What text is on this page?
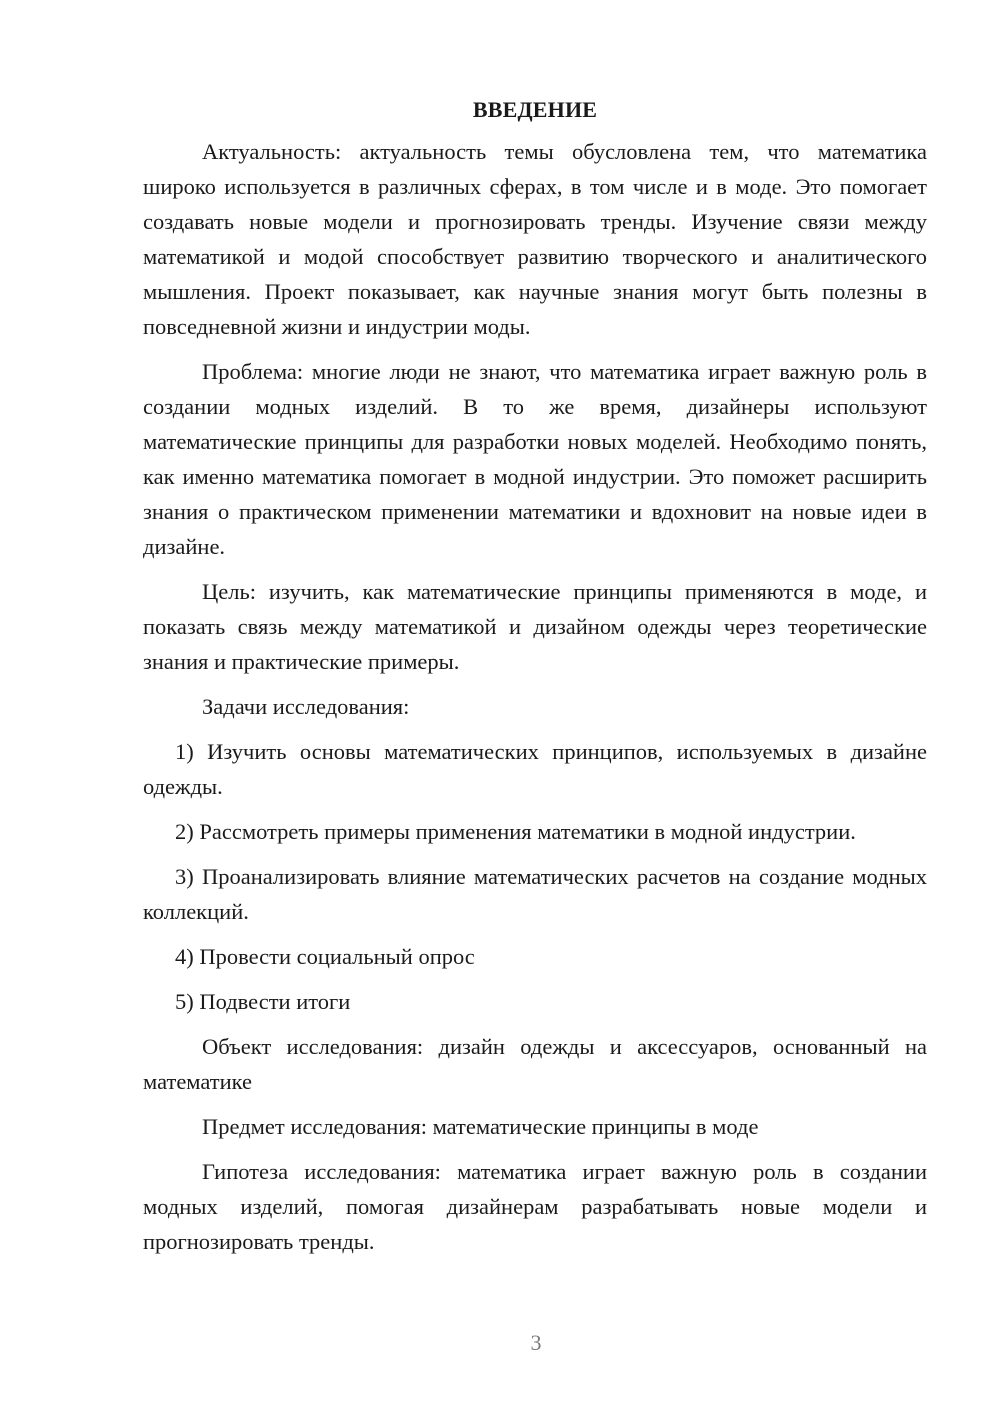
ВВЕДЕНИЕ

Актуальность: актуальность темы обусловлена тем, что математика широко используется в различных сферах, в том числе и в моде. Это помогает создавать новые модели и прогнозировать тренды. Изучение связи между математикой и модой способствует развитию творческого и аналитического мышления. Проект показывает, как научные знания могут быть полезны в повседневной жизни и индустрии моды.

Проблема: многие люди не знают, что математика играет важную роль в создании модных изделий. В то же время, дизайнеры используют математические принципы для разработки новых моделей. Необходимо понять, как именно математика помогает в модной индустрии. Это поможет расширить знания о практическом применении математики и вдохновит на новые идеи в дизайне.

Цель: изучить, как математические принципы применяются в моде, и показать связь между математикой и дизайном одежды через теоретические знания и практические примеры.

Задачи исследования:

1) Изучить основы математических принципов, используемых в дизайне одежды.

2) Рассмотреть примеры применения математики в модной индустрии.

3) Проанализировать влияние математических расчетов на создание модных коллекций.

4) Провести социальный опрос

5) Подвести итоги

Объект исследования: дизайн одежды и аксессуаров, основанный на математике

Предмет исследования: математические принципы в моде

Гипотеза исследования: математика играет важную роль в создании модных изделий, помогая дизайнерам разрабатывать новые модели и прогнозировать тренды.

3
